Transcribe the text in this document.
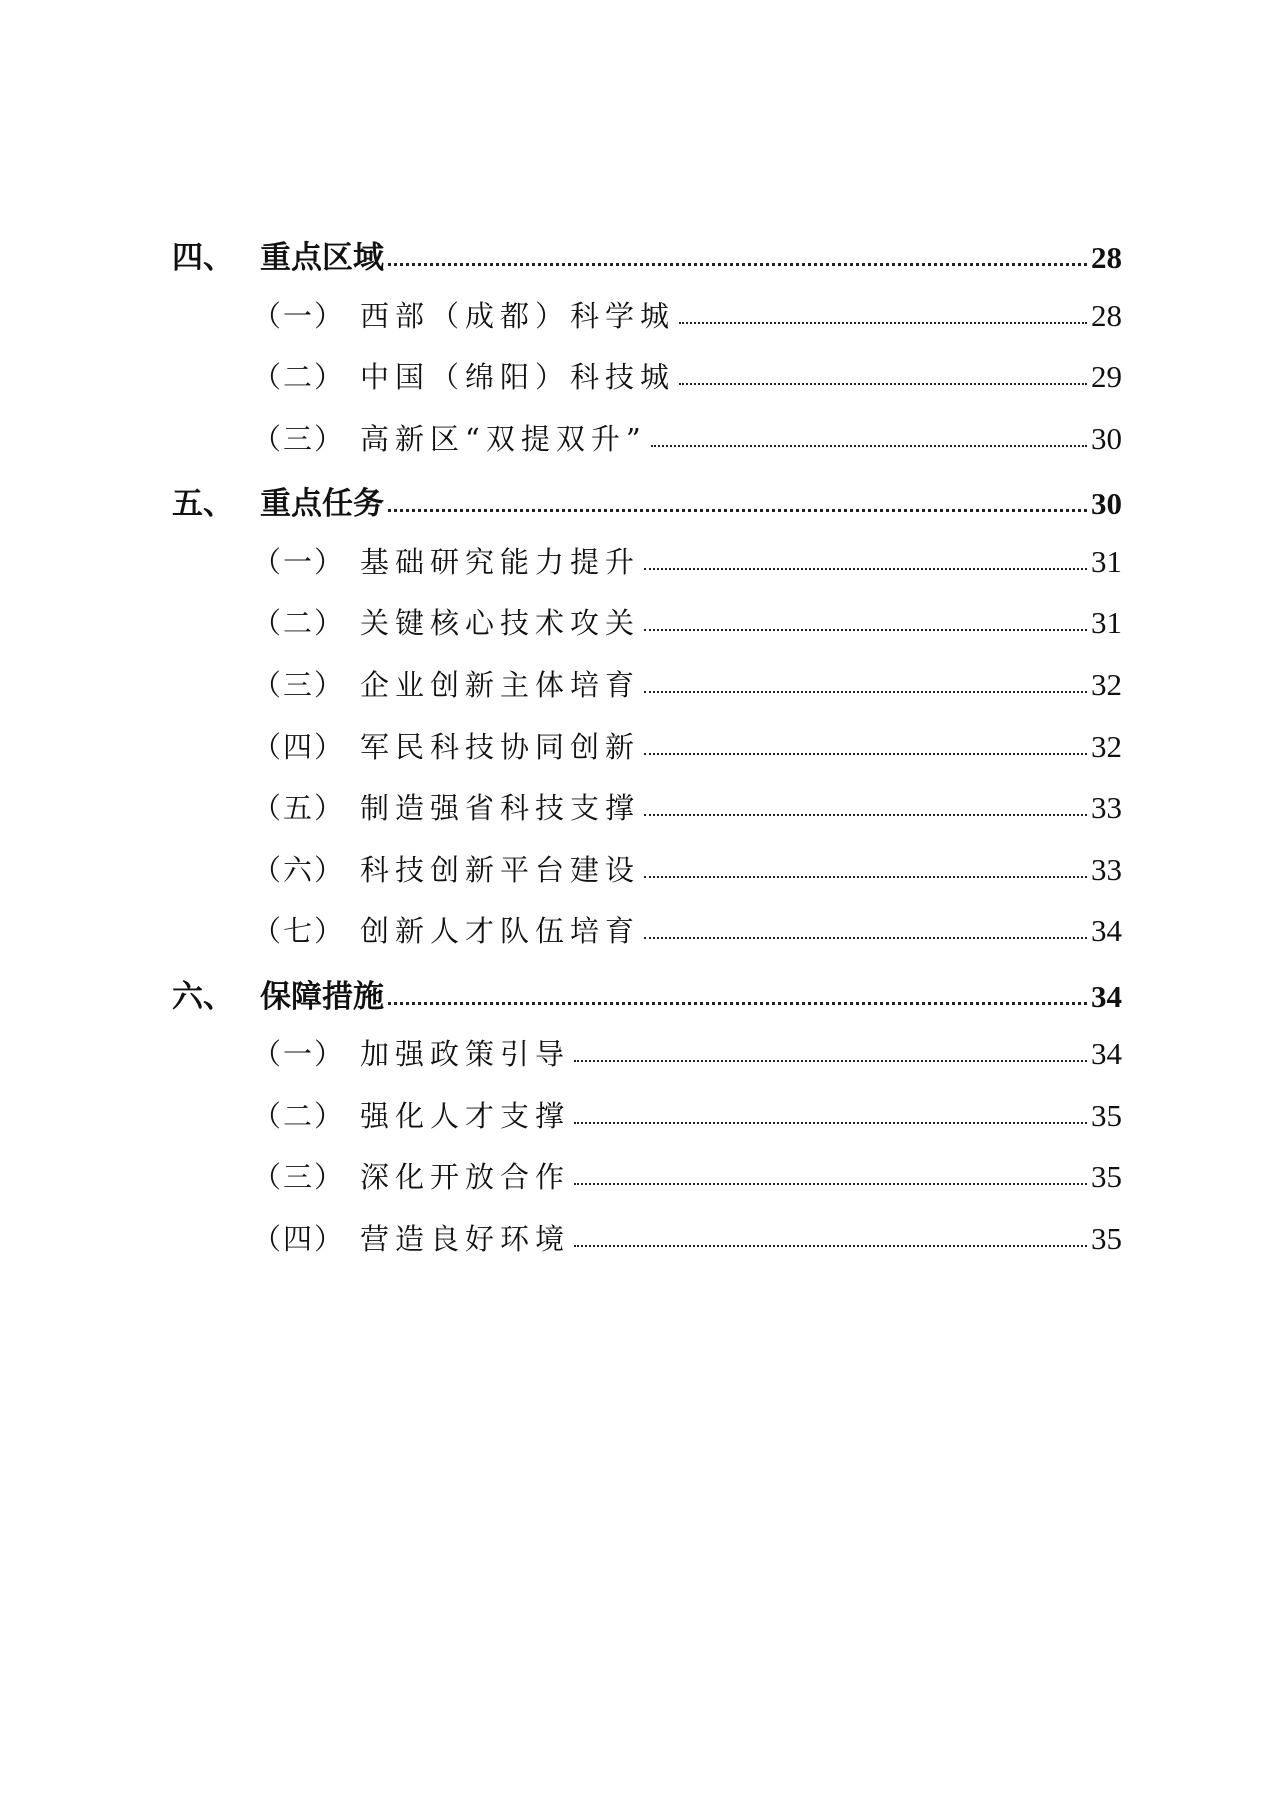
四、 重点区域	28
（一） 西部（成都）科学城	28
（二） 中国（绵阳）科技城	29
（三） 高新区“双提双升”	30
五、 重点任务	30
（一） 基础研究能力提升	31
（二） 关键核心技术攻关	31
（三） 企业创新主体培育	32
（四） 军民科技协同创新	32
（五） 制造强省科技支撑	33
（六） 科技创新平台建设	33
（七） 创新人才队伍培育	34
六、 保障措施	34
（一） 加强政策引导	34
（二） 强化人才支撑	35
（三） 深化开放合作	35
（四） 营造良好环境	35
